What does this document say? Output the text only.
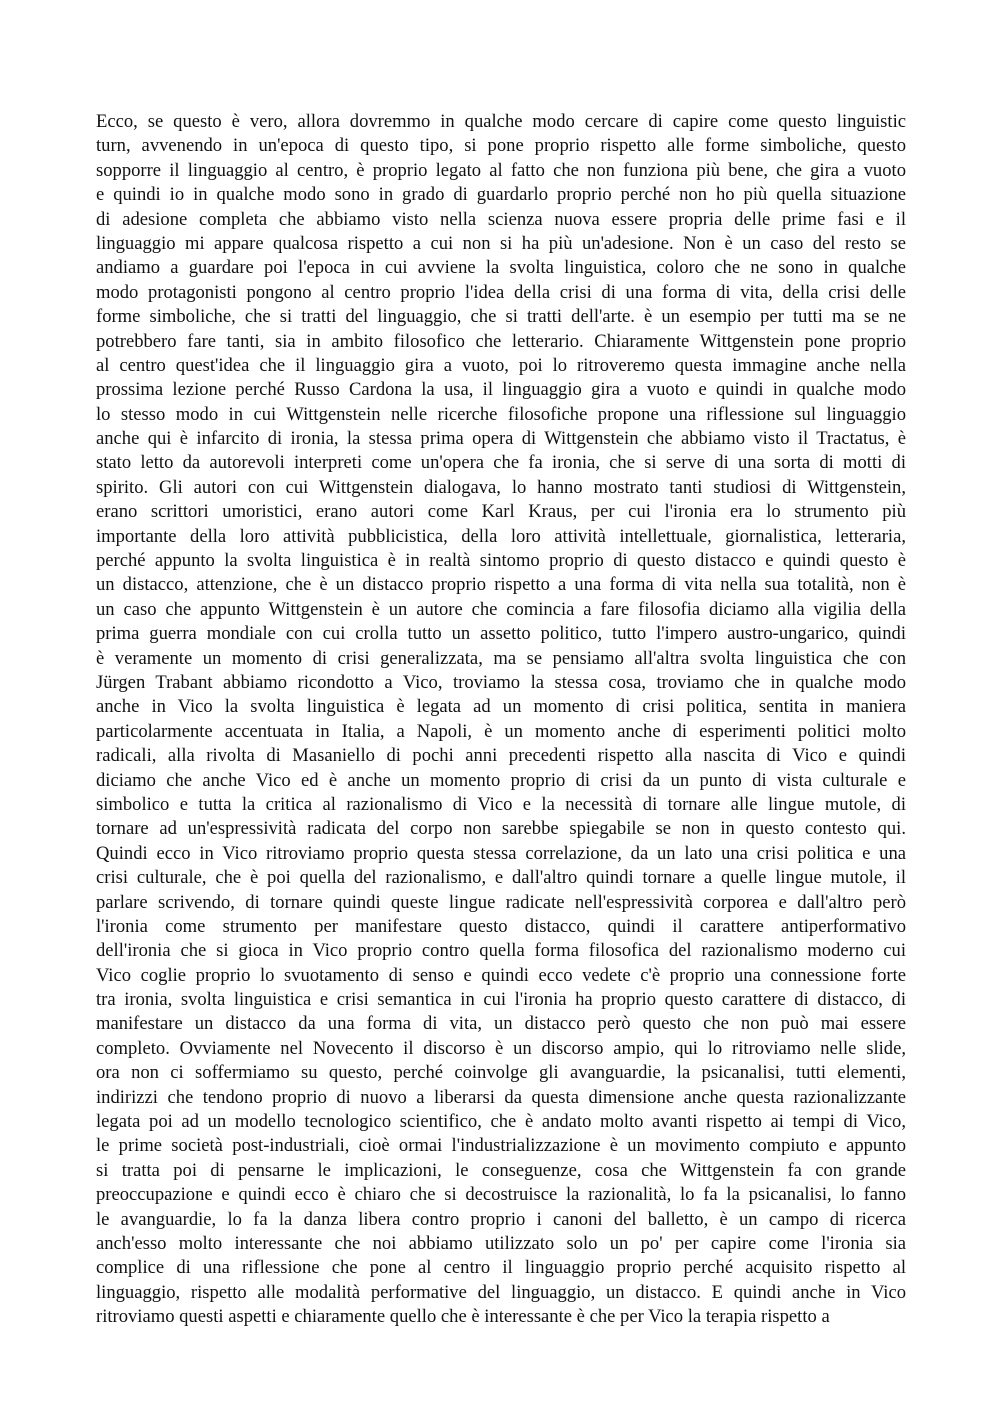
Ecco, se questo è vero, allora dovremmo in qualche modo cercare di capire come questo linguistic
turn, avvenendo in un'epoca di questo tipo, si pone proprio rispetto alle forme simboliche, questo
sopporre il linguaggio al centro, è proprio legato al fatto che non funziona più bene, che gira a vuoto
e quindi io in qualche modo sono in grado di guardarlo proprio perché non ho più quella situazione
di adesione completa che abbiamo visto nella scienza nuova essere propria delle prime fasi e il
linguaggio mi appare qualcosa rispetto a cui non si ha più un'adesione. Non è un caso del resto se
andiamo a guardare poi l'epoca in cui avviene la svolta linguistica, coloro che ne sono in qualche
modo protagonisti pongono al centro proprio l'idea della crisi di una forma di vita, della crisi delle
forme simboliche, che si tratti del linguaggio, che si tratti dell'arte. è un esempio per tutti ma se ne
potrebbero fare tanti, sia in ambito filosofico che letterario. Chiaramente Wittgenstein pone proprio
al centro quest'idea che il linguaggio gira a vuoto, poi lo ritroveremo questa immagine anche nella
prossima lezione perché Russo Cardona la usa, il linguaggio gira a vuoto e quindi in qualche modo
lo stesso modo in cui Wittgenstein nelle ricerche filosofiche propone una riflessione sul linguaggio
anche qui è infarcito di ironia, la stessa prima opera di Wittgenstein che abbiamo visto il Tractatus, è
stato letto da autorevoli interpreti come un'opera che fa ironia, che si serve di una sorta di motti di
spirito. Gli autori con cui Wittgenstein dialogava, lo hanno mostrato tanti studiosi di Wittgenstein,
erano scrittori umoristici, erano autori come Karl Kraus, per cui l'ironia era lo strumento più
importante della loro attività pubblicistica, della loro attività intellettuale, giornalistica, letteraria,
perché appunto la svolta linguistica è in realtà sintomo proprio di questo distacco e quindi questo è
un distacco, attenzione, che è un distacco proprio rispetto a una forma di vita nella sua totalità, non è
un caso che appunto Wittgenstein è un autore che comincia a fare filosofia diciamo alla vigilia della
prima guerra mondiale con cui crolla tutto un assetto politico, tutto l'impero austro-ungarico, quindi
è veramente un momento di crisi generalizzata, ma se pensiamo all'altra svolta linguistica che con
Jürgen Trabant abbiamo ricondotto a Vico, troviamo la stessa cosa, troviamo che in qualche modo
anche in Vico la svolta linguistica è legata ad un momento di crisi politica, sentita in maniera
particolarmente accentuata in Italia, a Napoli, è un momento anche di esperimenti politici molto
radicali, alla rivolta di Masaniello di pochi anni precedenti rispetto alla nascita di Vico e quindi
diciamo che anche Vico ed è anche un momento proprio di crisi da un punto di vista culturale e
simbolico e tutta la critica al razionalismo di Vico e la necessità di tornare alle lingue mutole, di
tornare ad un'espressività radicata del corpo non sarebbe spiegabile se non in questo contesto qui.
Quindi ecco in Vico ritroviamo proprio questa stessa correlazione, da un lato una crisi politica e una
crisi culturale, che è poi quella del razionalismo, e dall'altro quindi tornare a quelle lingue mutole, il
parlare scrivendo, di tornare quindi queste lingue radicate nell'espressività corporea e dall'altro però
l'ironia come strumento per manifestare questo distacco, quindi il carattere antiperformativo
dell'ironia che si gioca in Vico proprio contro quella forma filosofica del razionalismo moderno cui
Vico coglie proprio lo svuotamento di senso e quindi ecco vedete c'è proprio una connessione forte
tra ironia, svolta linguistica e crisi semantica in cui l'ironia ha proprio questo carattere di distacco, di
manifestare un distacco da una forma di vita, un distacco però questo che non può mai essere
completo. Ovviamente nel Novecento il discorso è un discorso ampio, qui lo ritroviamo nelle slide,
ora non ci soffermiamo su questo, perché coinvolge gli avanguardie, la psicanalisi, tutti elementi,
indirizzi che tendono proprio di nuovo a liberarsi da questa dimensione anche questa razionalizzante
legata poi ad un modello tecnologico scientifico, che è andato molto avanti rispetto ai tempi di Vico,
le prime società post-industriali, cioè ormai l'industrializzazione è un movimento compiuto e appunto
si tratta poi di pensarne le implicazioni, le conseguenze, cosa che Wittgenstein fa con grande
preoccupazione e quindi ecco è chiaro che si decostruisce la razionalità, lo fa la psicanalisi, lo fanno
le avanguardie, lo fa la danza libera contro proprio i canoni del balletto, è un campo di ricerca
anch'esso molto interessante che noi abbiamo utilizzato solo un po' per capire come l'ironia sia
complice di una riflessione che pone al centro il linguaggio proprio perché acquisito rispetto al
linguaggio, rispetto alle modalità performative del linguaggio, un distacco. E quindi anche in Vico
ritroviamo questi aspetti e chiaramente quello che è interessante è che per Vico la terapia rispetto a
